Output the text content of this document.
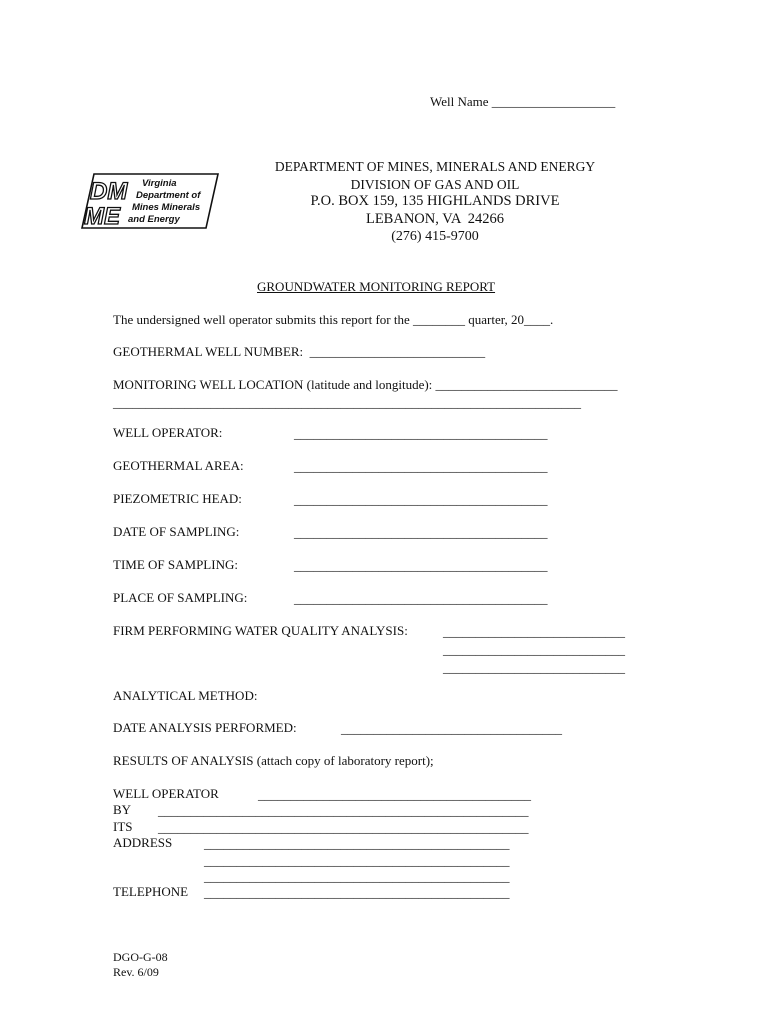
Well Name ___________________
DM
ME
Virginia Department of Mines Minerals and Energy
DEPARTMENT OF MINES, MINERALS AND ENERGY
DIVISION OF GAS AND OIL
P.O. BOX 159, 135 HIGHLANDS DRIVE
LEBANON, VA  24266
(276) 415-9700
GROUNDWATER MONITORING REPORT
The undersigned well operator submits this report for the ________ quarter, 20____.
GEOTHERMAL WELL NUMBER:  ___________________________
MONITORING WELL LOCATION (latitude and longitude): ____________________________
________________________________________________________________________
WELL OPERATOR:	_______________________________________
GEOTHERMAL AREA:	_______________________________________
PIEZOMETRIC HEAD:	_______________________________________
DATE OF SAMPLING:	_______________________________________
TIME OF SAMPLING:	_______________________________________
PLACE OF SAMPLING:	_______________________________________
FIRM PERFORMING WATER QUALITY ANALYSIS:	____________________________
____________________________
____________________________
ANALYTICAL METHOD:
DATE ANALYSIS PERFORMED:	__________________________________
RESULTS OF ANALYSIS (attach copy of laboratory report);
WELL OPERATOR	__________________________________________
BY _________________________________________________________
ITS _________________________________________________________
ADDRESS _______________________________________________
_______________________________________________
_______________________________________________
TELEPHONE _______________________________________________
DGO-G-08
Rev. 6/09
